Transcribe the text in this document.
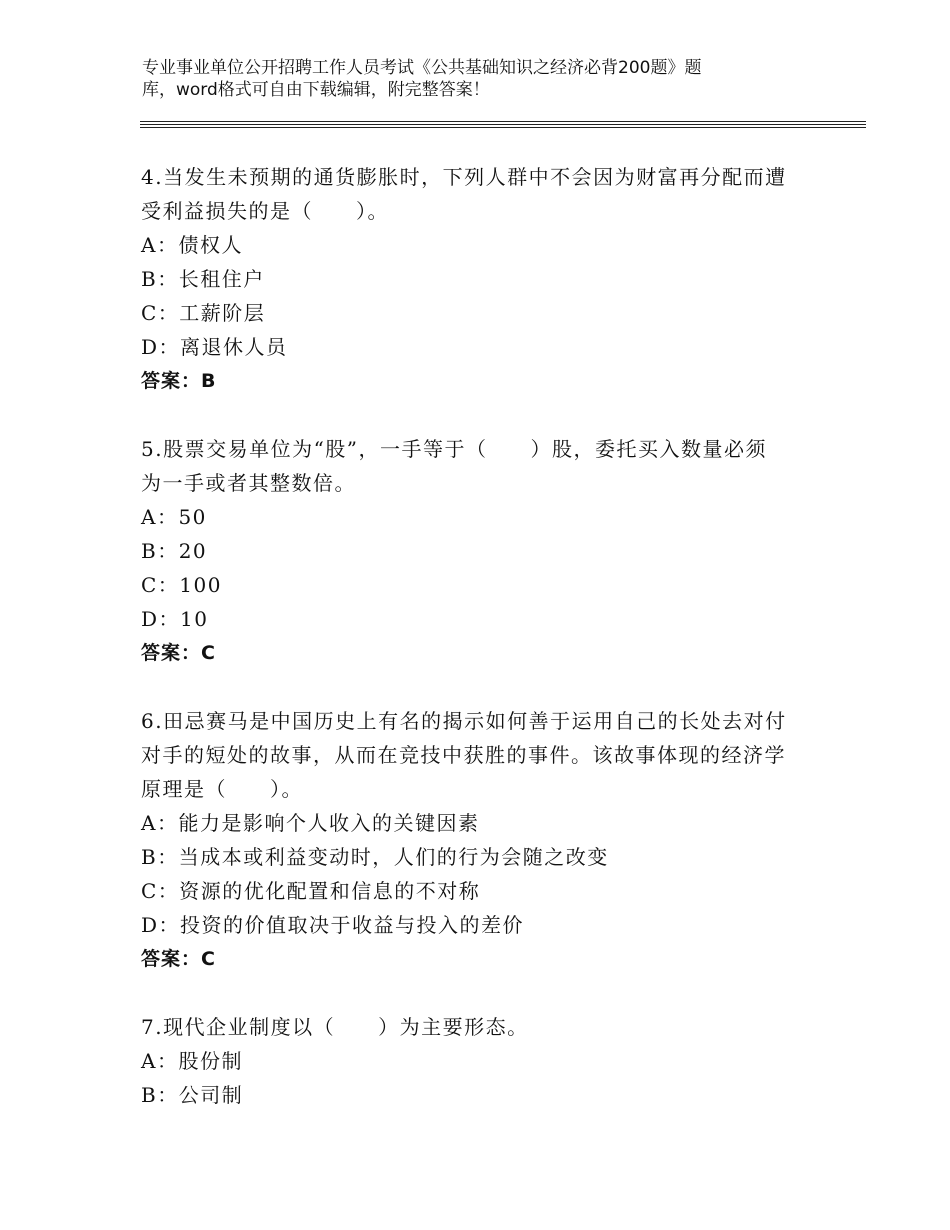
专业事业单位公开招聘工作人员考试《公共基础知识之经济必背200题》题
库，word格式可自由下载编辑，附完整答案！
4.当发生未预期的通货膨胀时，下列人群中不会因为财富再分配而遭
受利益损失的是（　　）。
A：债权人
B：长租住户
C：工薪阶层
D：离退休人员
答案：B
5.股票交易单位为“股”，一手等于（　　）股，委托买入数量必须
为一手或者其整数倍。
A：50
B：20
C：100
D：10
答案：C
6.田忌赛马是中国历史上有名的揭示如何善于运用自己的长处去对付
对手的短处的故事，从而在竞技中获胜的事件。该故事体现的经济学
原理是（　　）。
A：能力是影响个人收入的关键因素
B：当成本或利益变动时，人们的行为会随之改变
C：资源的优化配置和信息的不对称
D：投资的价值取决于收益与投入的差价
答案：C
7.现代企业制度以（　　）为主要形态。
A：股份制
B：公司制
